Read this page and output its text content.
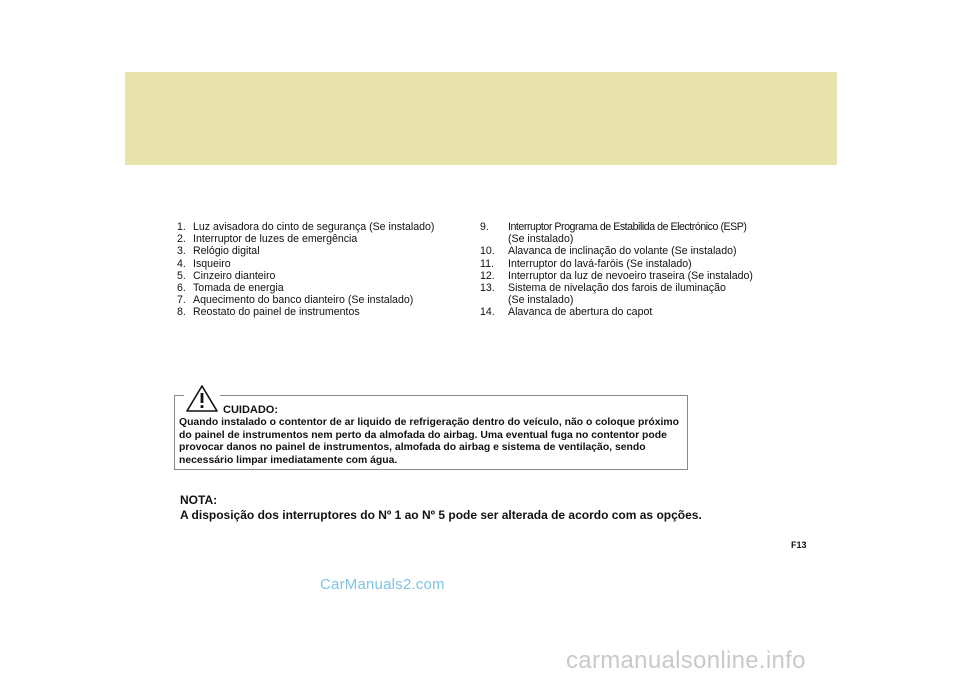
1. Luz avisadora do cinto de segurança (Se instalado)
2. Interruptor de luzes de emergência
3. Relógio digital
4. Isqueiro
5. Cinzeiro dianteiro
6. Tomada de energia
7. Aquecimento do banco dianteiro (Se instalado)
8. Reostato do painel de instrumentos
9.	Interruptor Programa de Estabilida de Electrónico (ESP)
(Se instalado)
10.	Alavanca de inclinação do volante (Se instalado)
11.	Interruptor do lavá-faróis (Se instalado)
12.	Interruptor da luz de nevoeiro traseira (Se instalado)
13.	Sistema de nivelação dos farois de iluminação
(Se instalado)
14.	Alavanca de abertura do capot
CUIDADO:
Quando instalado o contentor de ar liquido de refrigeração dentro do veículo, não o coloque próximo do painel de instrumentos nem perto da almofada do airbag. Uma eventual fuga no contentor pode provocar danos no painel de instrumentos, almofada do airbag e sistema de ventilação, sendo necessário limpar imediatamente com água.
NOTA:
A disposição dos interruptores do Nº 1 ao Nº 5 pode ser alterada de acordo com as opções.
F13
CarManuals2.com
carmanualsonline.info
